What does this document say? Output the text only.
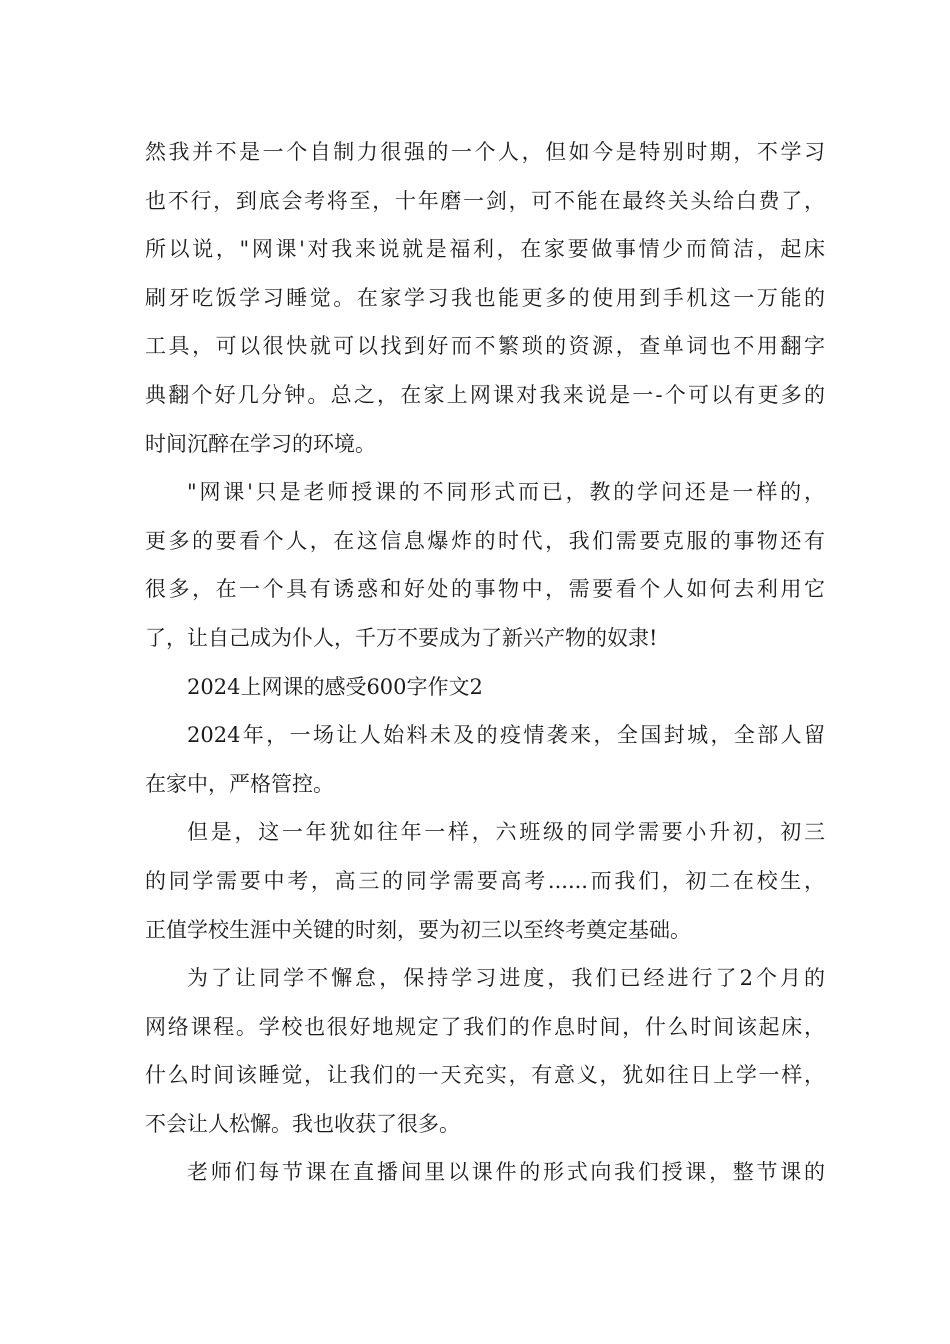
然我并不是一个自制力很强的一个人，但如今是特别时期，不学习
也不行，到底会考将至，十年磨一剑，可不能在最终关头给白费了，
所以说，"网课'对我来说就是福利，在家要做事情少而简洁，起床
刷牙吃饭学习睡觉。在家学习我也能更多的使用到手机这一万能的
工具，可以很快就可以找到好而不繁琐的资源，查单词也不用翻字
典翻个好几分钟。总之，在家上网课对我来说是一-个可以有更多的
时间沉醉在学习的环境。
"网课'只是老师授课的不同形式而已，教的学问还是一样的，
更多的要看个人，在这信息爆炸的时代，我们需要克服的事物还有
很多，在一个具有诱惑和好处的事物中，需要看个人如何去利用它
了，让自己成为仆人，千万不要成为了新兴产物的奴隶!
2024上网课的感受600字作文2
2024年，一场让人始料未及的疫情袭来，全国封城，全部人留
在家中，严格管控。
但是，这一年犹如往年一样，六班级的同学需要小升初，初三
的同学需要中考，高三的同学需要高考......而我们，初二在校生，
正值学校生涯中关键的时刻，要为初三以至终考奠定基础。
为了让同学不懈怠，保持学习进度，我们已经进行了2个月的
网络课程。学校也很好地规定了我们的作息时间，什么时间该起床，
什么时间该睡觉，让我们的一天充实，有意义，犹如往日上学一样，
不会让人松懈。我也收获了很多。
老师们每节课在直播间里以课件的形式向我们授课，整节课的
